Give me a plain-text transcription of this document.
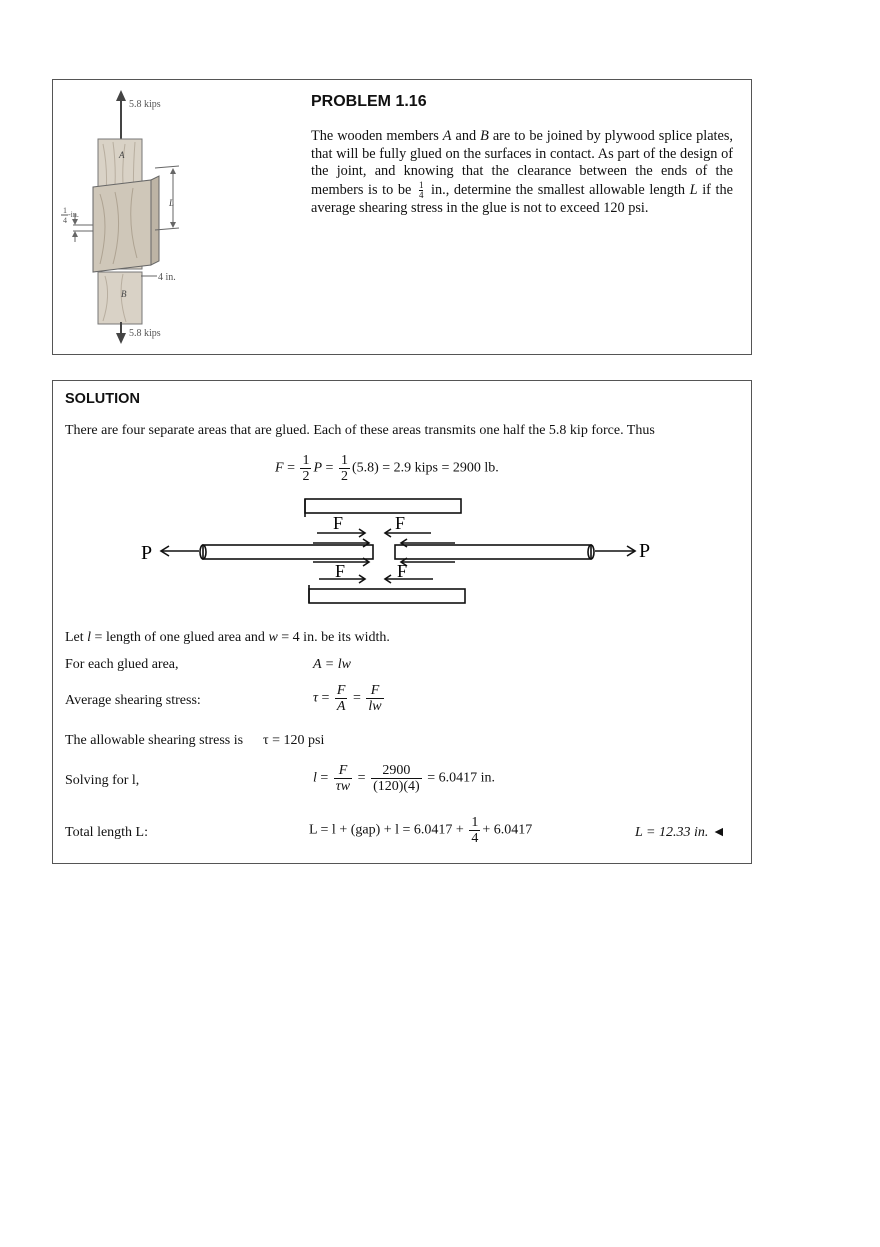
5.8 kips
A
B
L
1
4
-in.
4 in.
5.8 kips
PROBLEM 1.16
The wooden members A and B are to be joined by plywood splice plates, that will be fully glued on the surfaces in contact. As part of the design of the joint, and knowing that the clearance between the ends of the members is to be $\frac{1}{4}$ in., determine the smallest allowable length L if the average shearing stress in the glue is not to exceed 120 psi.
SOLUTION
There are four separate areas that are glued. Each of these areas transmits one half the 5.8 kip force. Thus
$F = \frac{1}{2}$ $P = \frac{1}{2} (5.8) = 2.9$ kips = 2900 lb.
F	F
F	F
P	P
Let l = length of one glued area and w = 4 in. be its width.
For each glued area,	A = lw
Average shearing stress:	$\tau = \frac{F}{A} = \frac{F}{lw}$
The allowable shearing stress is τ = 120 psi
Solving for l,	$l = \frac{F}{\tau w} = \frac{2900}{(120)(4)} = 6.0417$ in.
Total length L:	$L = l + (gap) + l = 6.0417 + \frac{1}{4} + 6.0417$	L = 12.33 in. ◄
